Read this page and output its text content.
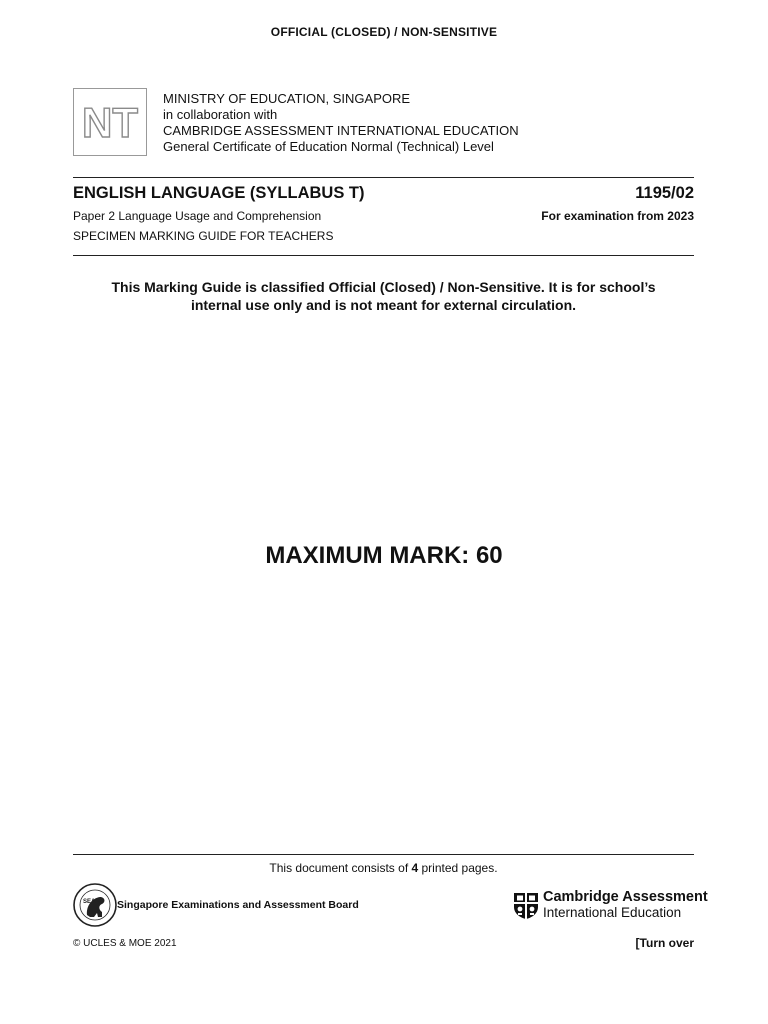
OFFICIAL (CLOSED) / NON-SENSITIVE
NT
MINISTRY OF EDUCATION, SINGAPORE
in collaboration with
CAMBRIDGE ASSESSMENT INTERNATIONAL EDUCATION
General Certificate of Education Normal (Technical) Level
ENGLISH LANGUAGE (SYLLABUS T)	1195/02
Paper 2 Language Usage and Comprehension	For examination from 2023
SPECIMEN MARKING GUIDE FOR TEACHERS
This Marking Guide is classified Official (Closed) / Non-Sensitive. It is for school’s
internal use only and is not meant for external circulation.
MAXIMUM MARK: 60
This document consists of 4 printed pages.
SEAB Singapore Examinations and Assessment Board	Cambridge Assessment
International Education
© UCLES & MOE 2021	[Turn over
